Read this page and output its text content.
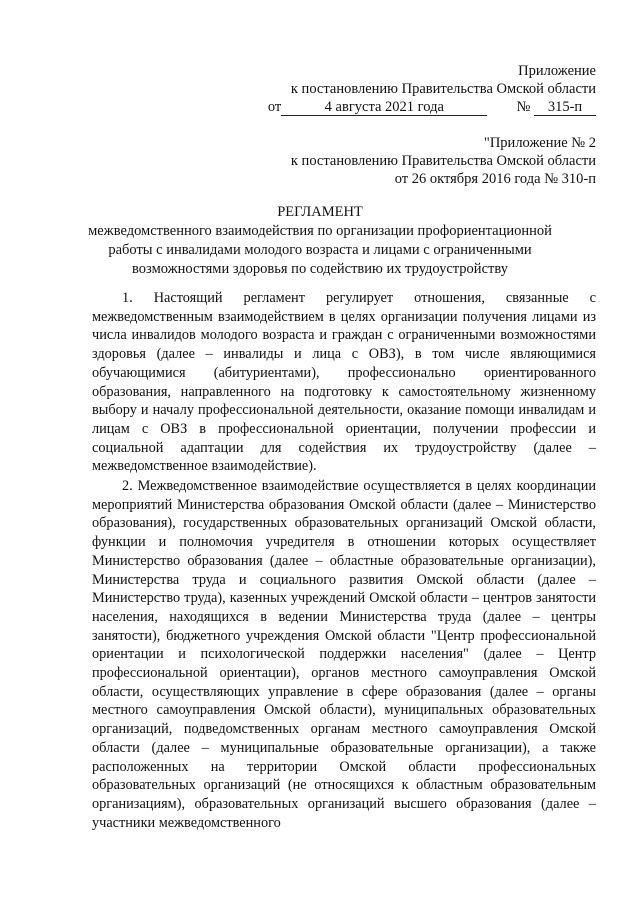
Приложение
к постановлению Правительства Омской области
от	4 августа 2021 года	№ 315-п
"Приложение № 2
к постановлению Правительства Омской области
от 26 октября 2016 года № 310-п
РЕГЛАМЕНТ
межведомственного взаимодействия по организации профориентационной работы с инвалидами молодого возраста и лицами с ограниченными возможностями здоровья по содействию их трудоустройству
1. Настоящий регламент регулирует отношения, связанные с межведомственным взаимодействием в целях организации получения лицами из числа инвалидов молодого возраста и граждан с ограниченными возможностями здоровья (далее – инвалиды и лица с ОВЗ), в том числе являющимися обучающимися (абитуриентами), профессионально ориентированного образования, направленного на подготовку к самостоятельному жизненному выбору и началу профессиональной деятельности, оказание помощи инвалидам и лицам с ОВЗ в профессиональной ориентации, получении профессии и социальной адаптации для содействия их трудоустройству (далее – межведомственное взаимодействие).
2. Межведомственное взаимодействие осуществляется в целях координации мероприятий Министерства образования Омской области (далее – Министерство образования), государственных образовательных организаций Омской области, функции и полномочия учредителя в отношении которых осуществляет Министерство образования (далее – областные образовательные организации), Министерства труда и социального развития Омской области (далее – Министерство труда), казенных учреждений Омской области – центров занятости населения, находящихся в ведении Министерства труда (далее – центры занятости), бюджетного учреждения Омской области "Центр профессиональной ориентации и психологической поддержки населения" (далее – Центр профессиональной ориентации), органов местного самоуправления Омской области, осуществляющих управление в сфере образования (далее – органы местного самоуправления Омской области), муниципальных образовательных организаций, подведомственных органам местного самоуправления Омской области (далее – муниципальные образовательные организации), а также расположенных на территории Омской области профессиональных образовательных организаций (не относящихся к областным образовательным организациям), образовательных организаций высшего образования (далее – участники межведомственного
